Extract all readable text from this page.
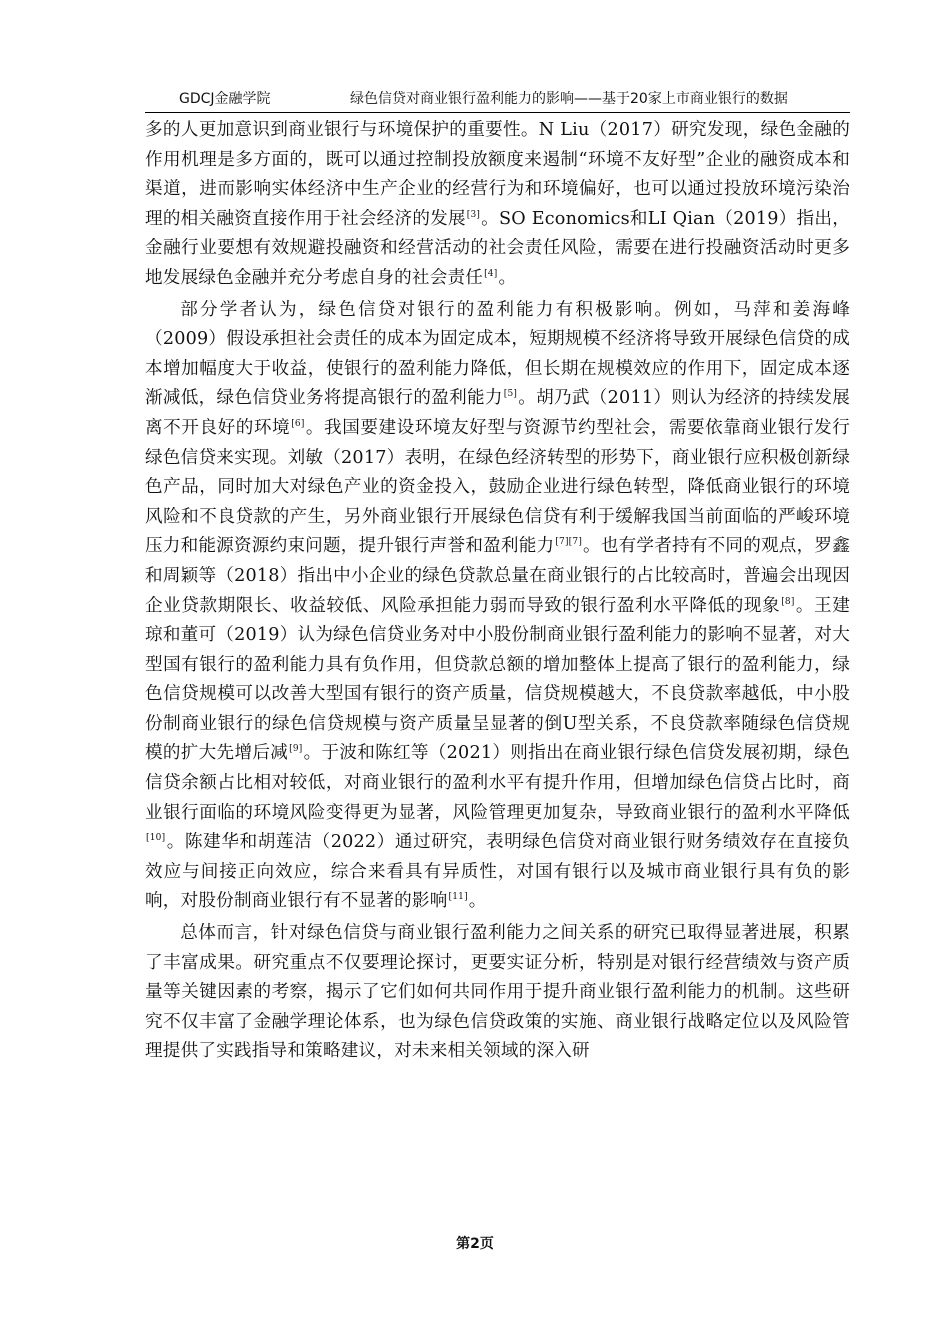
GDCJ金融学院	绿色信贷对商业银行盈利能力的影响——基于20家上市商业银行的数据

多的人更加意识到商业银行与环境保护的重要性。N Liu（2017）研究发现，绿色金融的作用机理是多方面的，既可以通过控制投放额度来遏制“环境不友好型”企业的融资成本和渠道，进而影响实体经济中生产企业的经营行为和环境偏好，也可以通过投放环境污染治理的相关融资直接作用于社会经济的发展[3]。SO Economics和LI Qian（2019）指出，金融行业要想有效规避投融资和经营活动的社会责任风险，需要在进行投融资活动时更多地发展绿色金融并充分考虑自身的社会责任[4]。

部分学者认为，绿色信贷对银行的盈利能力有积极影响。例如，马萍和姜海峰（2009）假设承担社会责任的成本为固定成本，短期规模不经济将导致开展绿色信贷的成本增加幅度大于收益，使银行的盈利能力降低，但长期在规模效应的作用下，固定成本逐渐减低，绿色信贷业务将提高银行的盈利能力[5]。胡乃武（2011）则认为经济的持续发展离不开良好的环境[6]。我国要建设环境友好型与资源节约型社会，需要依靠商业银行发行绿色信贷来实现。刘敏（2017）表明，在绿色经济转型的形势下，商业银行应积极创新绿色产品，同时加大对绿色产业的资金投入，鼓励企业进行绿色转型，降低商业银行的环境风险和不良贷款的产生，另外商业银行开展绿色信贷有利于缓解我国当前面临的严峻环境压力和能源资源约束问题，提升银行声誉和盈利能力[7][7]。也有学者持有不同的观点，罗鑫和周颖等（2018）指出中小企业的绿色贷款总量在商业银行的占比较高时，普遍会出现因企业贷款期限长、收益较低、风险承担能力弱而导致的银行盈利水平降低的现象[8]。王建琼和董可（2019）认为绿色信贷业务对中小股份制商业银行盈利能力的影响不显著，对大型国有银行的盈利能力具有负作用，但贷款总额的增加整体上提高了银行的盈利能力，绿色信贷规模可以改善大型国有银行的资产质量，信贷规模越大，不良贷款率越低，中小股份制商业银行的绿色信贷规模与资产质量呈显著的倒U型关系，不良贷款率随绿色信贷规模的扩大先增后减[9]。于波和陈红等（2021）则指出在商业银行绿色信贷发展初期，绿色信贷余额占比相对较低，对商业银行的盈利水平有提升作用，但增加绿色信贷占比时，商业银行面临的环境风险变得更为显著，风险管理更加复杂，导致商业银行的盈利水平降低[10]。陈建华和胡莲洁（2022）通过研究，表明绿色信贷对商业银行财务绩效存在直接负效应与间接正向效应，综合来看具有异质性，对国有银行以及城市商业银行具有负的影响，对股份制商业银行有不显著的影响[11]。

总体而言，针对绿色信贷与商业银行盈利能力之间关系的研究已取得显著进展，积累了丰富成果。研究重点不仅要理论探讨，更要实证分析，特别是对银行经营绩效与资产质量等关键因素的考察，揭示了它们如何共同作用于提升商业银行盈利能力的机制。这些研究不仅丰富了金融学理论体系，也为绿色信贷政策的实施、商业银行战略定位以及风险管理提供了实践指导和策略建议，对未来相关领域的深入研

第2页
